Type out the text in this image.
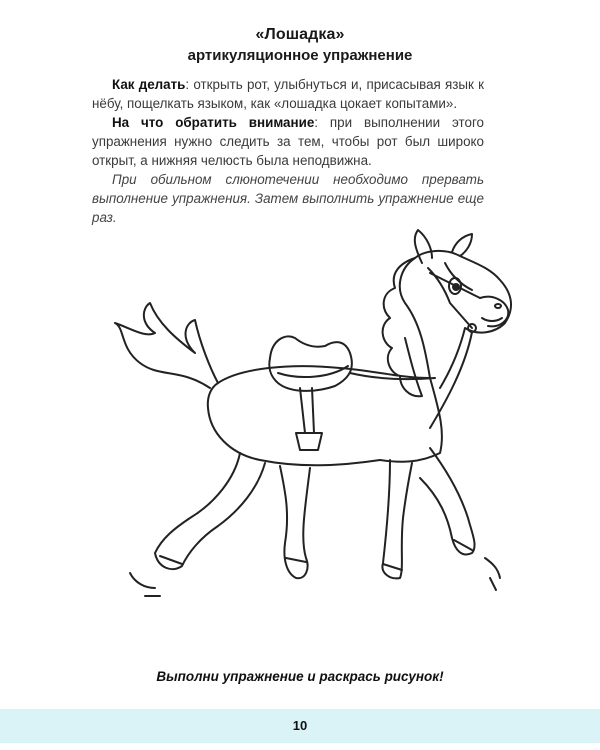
«Лошадка»
артикуляционное упражнение

Как делать: открыть рот, улыбнуться и, присасывая язык к нёбу, пощелкать языком, как «лошадка цокает копытами».

На что обратить внимание: при выполнении этого упражнения нужно следить за тем, чтобы рот был широко открыт, а нижняя челюсть была неподвижна.

При обильном слюнотечении необходимо прервать выполнение упражнения. Затем выполнить упражнение еще раз.

Выполни упражнение и раскрась рисунок!
10
